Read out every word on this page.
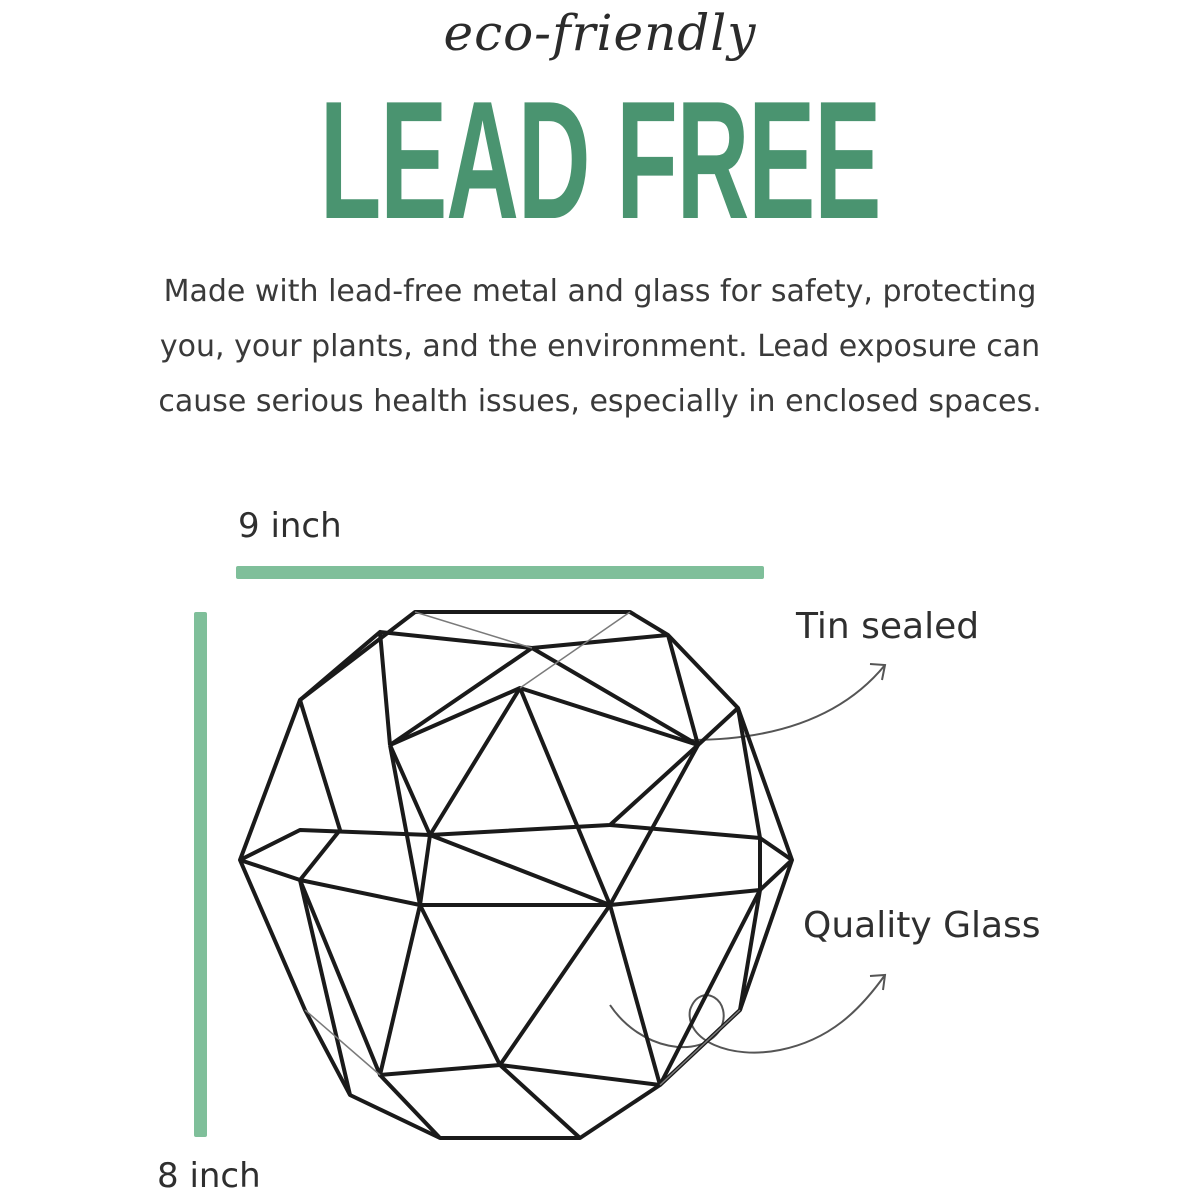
eco-friendly
LEAD FREE
Made with lead-free metal and glass for safety, protecting you, your plants, and the environment. Lead exposure can cause serious health issues, especially in enclosed spaces.
9 inch
8 inch
Tin sealed
Quality Glass
